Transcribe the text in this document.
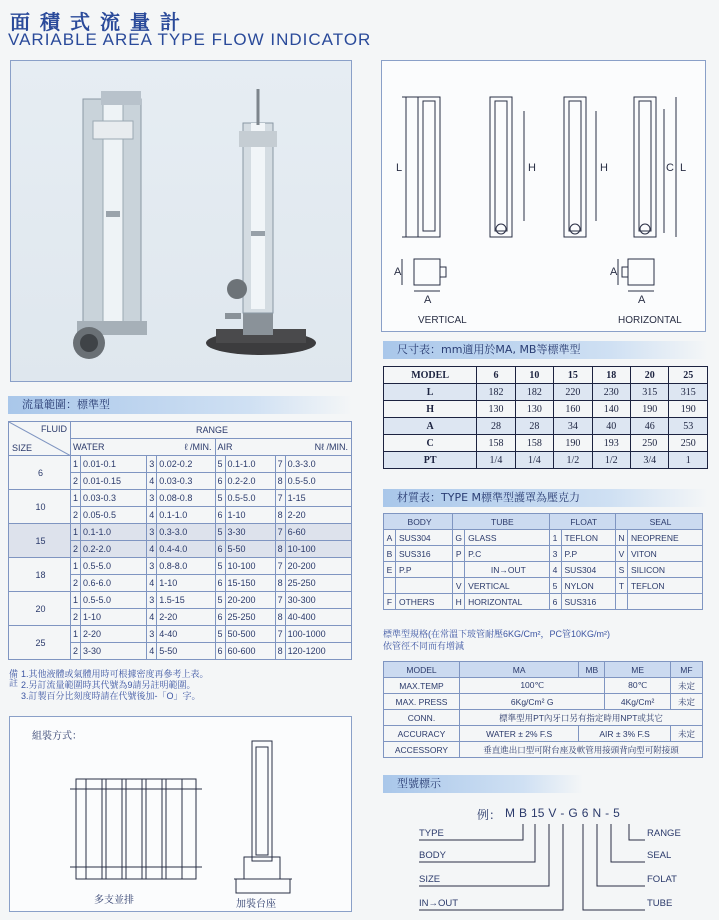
面積式流量計
VARIABLE AREA TYPE FLOW INDICATOR
L	H	H	C L
A
A
A
A
VERTICAL	HORIZONTAL
尺寸表：mm適用於MA, MB等標準型
MODEL	6	10	15	18	20	25
L	182	182	220	230	315	315
H	130	130	160	140	190	190
A	28	28	34	40	46	53
C	158	158	190	193	250	250
PT	1/4	1/4	1/2	1/2	3/4	1
材質表：TYPE M標準型護罩為壓克力
BODY		TUBE		FLOAT		SEAL	
A	SUS304	G	GLASS	1	TEFLON	N	NEOPRENE
B	SUS316	P	P.C	3	P.P	V	VITON
E	P.P		IN→OUT	4	SUS304	S	SILICON
		V	VERTICAL	5	NYLON	T	TEFLON
F	OTHERS	H	HORIZONTAL	6	SUS316		
流量範圍：標準型
FLUID
SIZE	RANGE							
	WATER		ℓ /MIN.		AIR		Nℓ /MIN.	
6	1	0.01-0.1	3	0.02-0.2	5	0.1-1.0	7	0.3-3.0
	2	0.01-0.15	4	0.03-0.3	6	0.2-2.0	8	0.5-5.0
10	1	0.03-0.3	3	0.08-0.8	5	0.5-5.0	7	1-15
	2	0.05-0.5	4	0.1-1.0	6	1-10	8	2-20
15	1	0.1-1.0	3	0.3-3.0	5	3-30	7	6-60
	2	0.2-2.0	4	0.4-4.0	6	5-50	8	10-100
18	1	0.5-5.0	3	0.8-8.0	5	10-100	7	20-200
	2	0.6-6.0	4	1-10	6	15-150	8	25-250
20	1	0.5-5.0	3	1.5-15	5	20-200	7	30-300
	2	1-10	4	2-20	6	25-250	8	40-400
25	1	2-20	3	4-40	5	50-500	7	100-1000
	2	3-30	4	5-50	6	60-600	8	120-1200
備註 1.其他液體或氣體用時可根據密度再參考上表。
2.另訂流量範圍時其代號為9請另註明範圍。
3.訂製百分比刻度時請在代號後加-「O」字。
標準型規格(在常溫下玻管耐壓6KG/Cm²，PC管10KG/m²)
依管徑不同而有增減
MODEL	MA	MB	ME	MF
MAX.TEMP	100℃		80℃	未定
MAX. PRESS	6Kg/Cm² G		4Kg/Cm²	未定
CONN.	標準型用PT內牙口另有指定時用NPT或其它			
ACCURACY	WATER ± 2% F.S	AIR ± 3% F.S		未定
ACCESSORY	垂直進出口型可附台座及軟管用接頭背向型可附接頭			
組裝方式：
多支並排	加裝台座
型號標示
例： M B 15 V - G 6 N - 5
TYPE
BODY
SIZE
IN→OUT
RANGE
SEAL
FOLAT
TUBE
